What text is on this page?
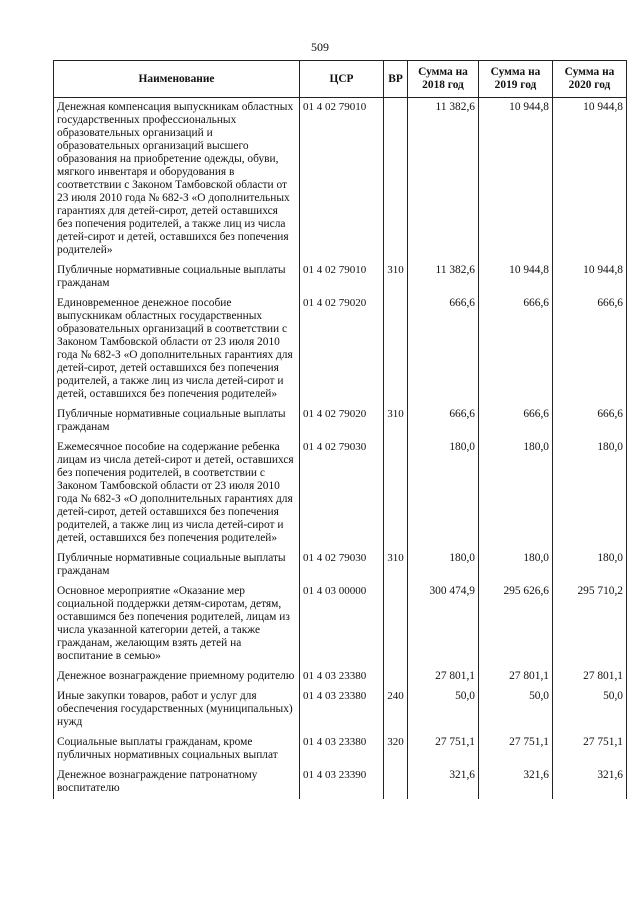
509
Наименование	ЦСР	ВР	Сумма на 2018 год	Сумма на 2019 год	Сумма на 2020 год
Денежная компенсация выпускникам областных государственных профессиональных образовательных организаций и образовательных организаций высшего образования на приобретение одежды, обуви, мягкого инвентаря и оборудования в соответствии с Законом Тамбовской области от 23 июля 2010 года № 682-З «О дополнительных гарантиях для детей-сирот, детей оставшихся без попечения родителей, а также лиц из числа детей-сирот и детей, оставшихся без попечения родителей»	01 4 02 79010		11 382,6	10 944,8	10 944,8
Публичные нормативные социальные выплаты гражданам	01 4 02 79010	310	11 382,6	10 944,8	10 944,8
Единовременное денежное пособие выпускникам областных государственных образовательных организаций в соответствии с Законом Тамбовской области от 23 июля 2010 года № 682-З «О дополнительных гарантиях для детей-сирот, детей оставшихся без попечения родителей, а также лиц из числа детей-сирот и детей, оставшихся без попечения родителей»	01 4 02 79020		666,6	666,6	666,6
Публичные нормативные социальные выплаты гражданам	01 4 02 79020	310	666,6	666,6	666,6
Ежемесячное пособие на содержание ребенка лицам из числа детей-сирот и детей, оставшихся без попечения родителей, в соответствии с Законом Тамбовской области от 23 июля 2010 года № 682-З «О дополнительных гарантиях для детей-сирот, детей оставшихся без попечения родителей, а также лиц из числа детей-сирот и детей, оставшихся без попечения родителей»	01 4 02 79030		180,0	180,0	180,0
Публичные нормативные социальные выплаты гражданам	01 4 02 79030	310	180,0	180,0	180,0
Основное мероприятие «Оказание мер социальной поддержки детям-сиротам, детям, оставшимся без попечения родителей, лицам из числа указанной категории детей, а также гражданам, желающим взять детей на воспитание в семью»	01 4 03 00000		300 474,9	295 626,6	295 710,2
Денежное вознаграждение приемному родителю	01 4 03 23380		27 801,1	27 801,1	27 801,1
Иные закупки товаров, работ и услуг для обеспечения государственных (муниципальных) нужд	01 4 03 23380	240	50,0	50,0	50,0
Социальные выплаты гражданам, кроме публичных нормативных социальных выплат	01 4 03 23380	320	27 751,1	27 751,1	27 751,1
Денежное вознаграждение патронатному воспитателю	01 4 03 23390		321,6	321,6	321,6
